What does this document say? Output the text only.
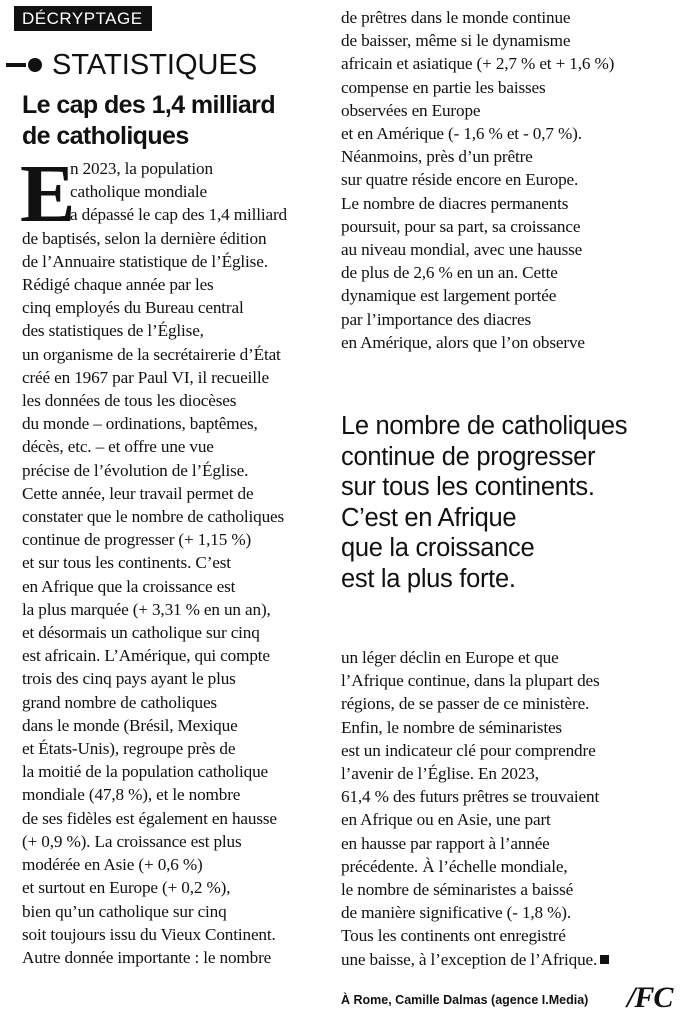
DÉCRYPTAGE
STATISTIQUES
Le cap des 1,4 milliard
de catholiques
E
n 2023, la population
catholique mondiale
a dépassé le cap des 1,4 milliard
de baptisés, selon la dernière édition
de l’Annuaire statistique de l’Église.
Rédigé chaque année par les
cinq employés du Bureau central
des statistiques de l’Église,
un organisme de la secrétairerie d’État
créé en 1967 par Paul VI, il recueille
les données de tous les diocèses
du monde – ordinations, baptêmes,
décès, etc. – et offre une vue
précise de l’évolution de l’Église.
Cette année, leur travail permet de
constater que le nombre de catholiques
continue de progresser (+ 1,15 %)
et sur tous les continents. C’est
en Afrique que la croissance est
la plus marquée (+ 3,31 % en un an),
et désormais un catholique sur cinq
est africain. L’Amérique, qui compte
trois des cinq pays ayant le plus
grand nombre de catholiques
dans le monde (Brésil, Mexique
et États-Unis), regroupe près de
la moitié de la population catholique
mondiale (47,8 %), et le nombre
de ses fidèles est également en hausse
(+ 0,9 %). La croissance est plus
modérée en Asie (+ 0,6 %)
et surtout en Europe (+ 0,2 %),
bien qu’un catholique sur cinq
soit toujours issu du Vieux Continent.
Autre donnée importante : le nombre
de prêtres dans le monde continue
de baisser, même si le dynamisme
africain et asiatique (+ 2,7 % et + 1,6 %)
compense en partie les baisses
observées en Europe
et en Amérique (- 1,6 % et - 0,7 %).
Néanmoins, près d’un prêtre
sur quatre réside encore en Europe.
Le nombre de diacres permanents
poursuit, pour sa part, sa croissance
au niveau mondial, avec une hausse
de plus de 2,6 % en un an. Cette
dynamique est largement portée
par l’importance des diacres
en Amérique, alors que l’on observe
Le nombre de catholiques
continue de progresser
sur tous les continents.
C’est en Afrique
que la croissance
est la plus forte.
un léger déclin en Europe et que
l’Afrique continue, dans la plupart des
régions, de se passer de ce ministère.
Enfin, le nombre de séminaristes
est un indicateur clé pour comprendre
l’avenir de l’Église. En 2023,
61,4 % des futurs prêtres se trouvaient
en Afrique ou en Asie, une part
en hausse par rapport à l’année
précédente. À l’échelle mondiale,
le nombre de séminaristes a baissé
de manière significative (- 1,8 %).
Tous les continents ont enregistré
une baisse, à l’exception de l’Afrique.
À Rome, Camille Dalmas (agence I.Media) /FC
